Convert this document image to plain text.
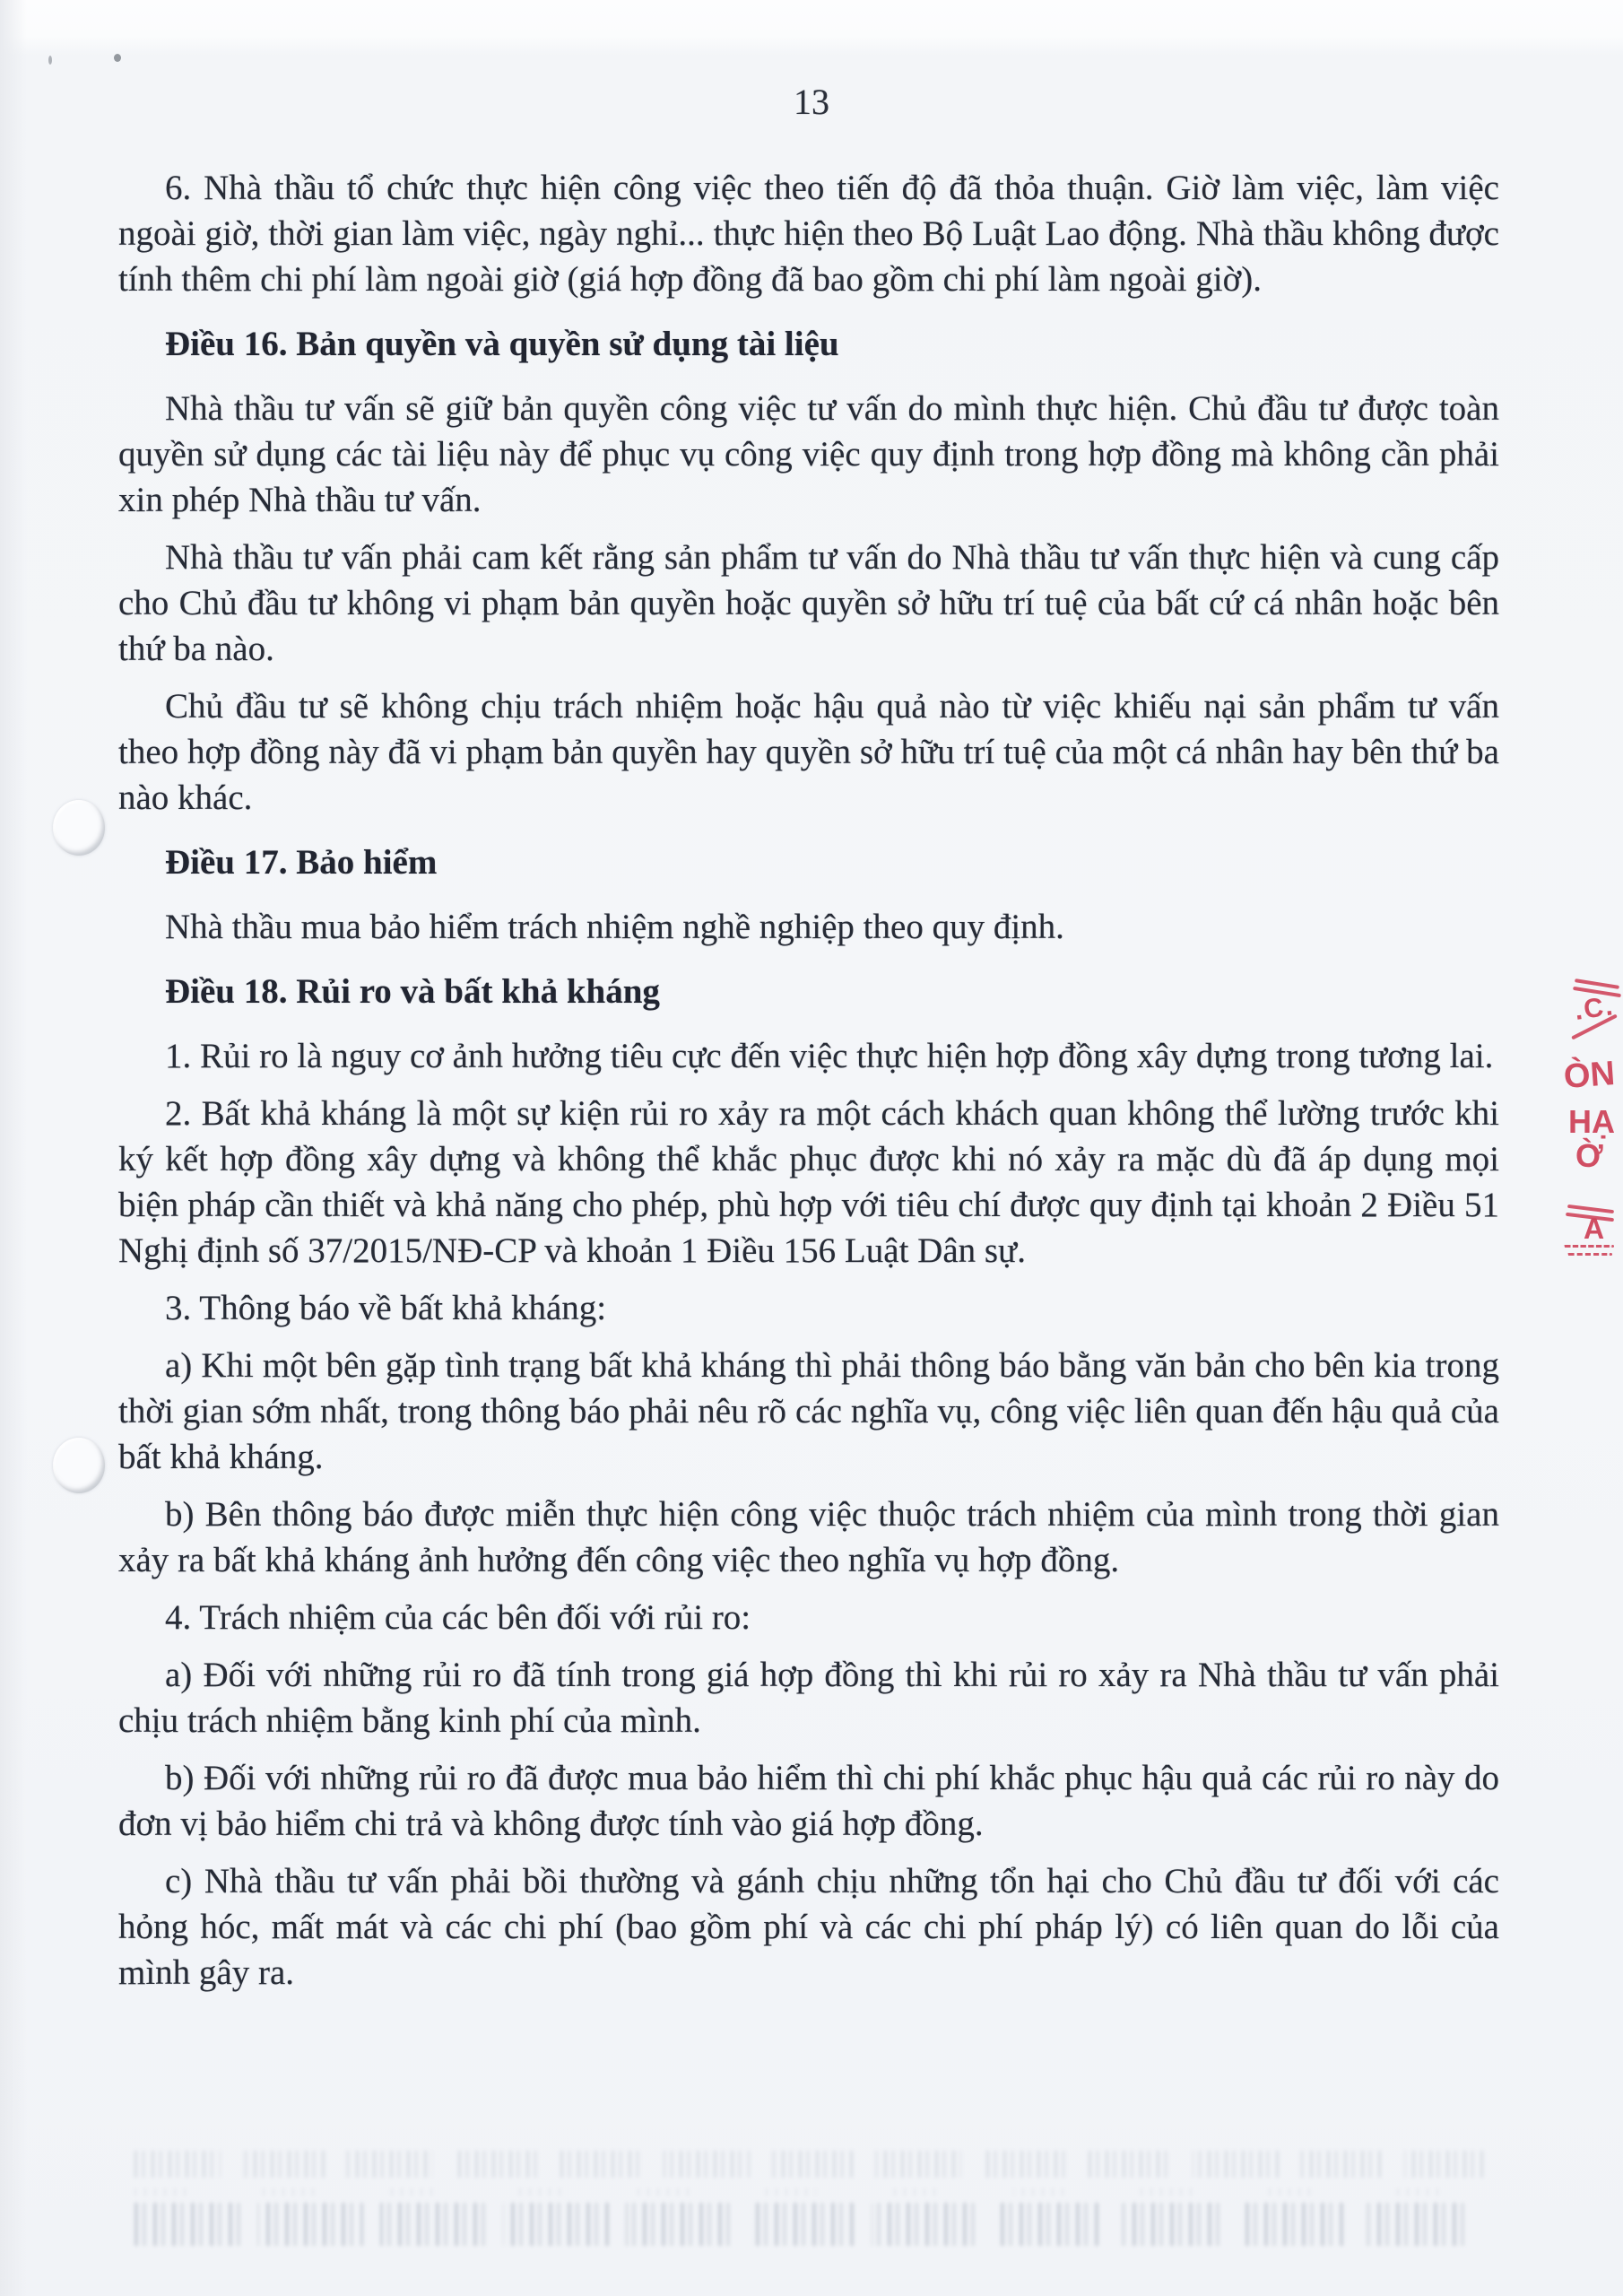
13

6. Nhà thầu tổ chức thực hiện công việc theo tiến độ đã thỏa thuận. Giờ làm việc, làm việc ngoài giờ, thời gian làm việc, ngày nghỉ... thực hiện theo Bộ Luật Lao động. Nhà thầu không được tính thêm chi phí làm ngoài giờ (giá hợp đồng đã bao gồm chi phí làm ngoài giờ).

Điều 16. Bản quyền và quyền sử dụng tài liệu

Nhà thầu tư vấn sẽ giữ bản quyền công việc tư vấn do mình thực hiện. Chủ đầu tư được toàn quyền sử dụng các tài liệu này để phục vụ công việc quy định trong hợp đồng mà không cần phải xin phép Nhà thầu tư vấn.

Nhà thầu tư vấn phải cam kết rằng sản phẩm tư vấn do Nhà thầu tư vấn thực hiện và cung cấp cho Chủ đầu tư không vi phạm bản quyền hoặc quyền sở hữu trí tuệ của bất cứ cá nhân hoặc bên thứ ba nào.

Chủ đầu tư sẽ không chịu trách nhiệm hoặc hậu quả nào từ việc khiếu nại sản phẩm tư vấn theo hợp đồng này đã vi phạm bản quyền hay quyền sở hữu trí tuệ của một cá nhân hay bên thứ ba nào khác.

Điều 17. Bảo hiểm

Nhà thầu mua bảo hiểm trách nhiệm nghề nghiệp theo quy định.

Điều 18. Rủi ro và bất khả kháng

1. Rủi ro là nguy cơ ảnh hưởng tiêu cực đến việc thực hiện hợp đồng xây dựng trong tương lai.

2. Bất khả kháng là một sự kiện rủi ro xảy ra một cách khách quan không thể lường trước khi ký kết hợp đồng xây dựng và không thể khắc phục được khi nó xảy ra mặc dù đã áp dụng mọi biện pháp cần thiết và khả năng cho phép, phù hợp với tiêu chí được quy định tại khoản 2 Điều 51 Nghị định số 37/2015/NĐ-CP và khoản 1 Điều 156 Luật Dân sự.

3. Thông báo về bất khả kháng:

a) Khi một bên gặp tình trạng bất khả kháng thì phải thông báo bằng văn bản cho bên kia trong thời gian sớm nhất, trong thông báo phải nêu rõ các nghĩa vụ, công việc liên quan đến hậu quả của bất khả kháng.

b) Bên thông báo được miễn thực hiện công việc thuộc trách nhiệm của mình trong thời gian xảy ra bất khả kháng ảnh hưởng đến công việc theo nghĩa vụ hợp đồng.

4. Trách nhiệm của các bên đối với rủi ro:

a) Đối với những rủi ro đã tính trong giá hợp đồng thì khi rủi ro xảy ra Nhà thầu tư vấn phải chịu trách nhiệm bằng kinh phí của mình.

b) Đối với những rủi ro đã được mua bảo hiểm thì chi phí khắc phục hậu quả các rủi ro này do đơn vị bảo hiểm chi trả và không được tính vào giá hợp đồng.

c) Nhà thầu tư vấn phải bồi thường và gánh chịu những tổn hại cho Chủ đầu tư đối với các hỏng hóc, mất mát và các chi phí (bao gồm phí và các chi phí pháp lý) có liên quan do lỗi của mình gây ra.

.C.
ÒN
HẠ
Ờ
A
